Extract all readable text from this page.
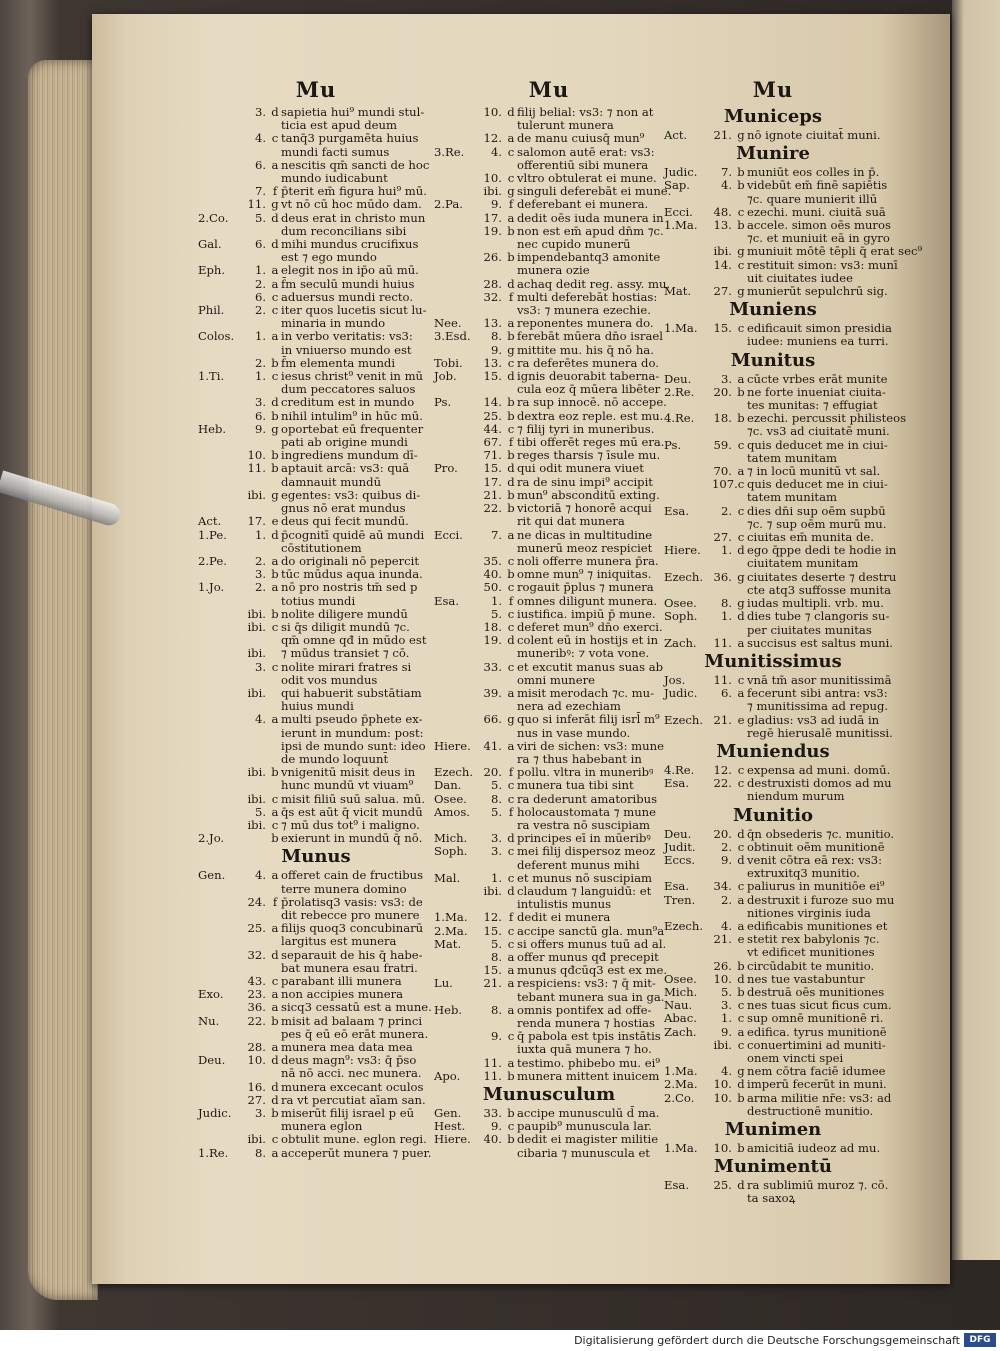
Mu
3. d sapietia hui⁹ mundi stul-
ticia est apud deum
4. c tanq̄3 purgamēta huius
mundi facti sumus
6. a nescitis qm̄ sancti de hoc
mundo iudicabunt
7. f p̄terit em̄ figura hui⁹ mū.
11. g vt nō cū hoc mūdo dam.
2.Co.	5. d deus erat in christo mun
dum reconcilians sibi
Gal.	6. d mihi mundus crucifixus
est ⁊ ego mundo
Eph.	1. a elegit nos in ip̄o aū mū.
2. a f̄m seculū mundi huius
6. c aduersus mundi recto.
Phil.	2. c iter quos lucetis sicut lu-
minaria in mundo
Colos.	1. a in verbo veritatis: vs3:
in vniuerso mundo est
2. b f̄m elementa mundi
1.Ti.	1. c iesus christ⁹ venit in mū
dum peccatores saluos
3. d creditum est in mundo
6. b nihil intulim⁹ in hūc mū.
Heb.	9. g oportebat eū frequenter
pati ab origine mundi
10. b ingrediens mundum dī-
11. b aptauit arcā: vs3: quā
damnauit mundū
ibi. g egentes: vs3: quibus di-
gnus nō erat mundus
Act.	17. e deus qui fecit mundū.
1.Pe.	1. d p̄cognitī quidē aū mundi
cōstitutionem
2.Pe.	2. a do originali nō pepercit
3. b tūc mūdus aqua inunda.
1.Jo.	2. a nō pro nostris tm̄ sed p
totius mundi
ibi. b nolite diligere mundū
ibi. c si q̄s diligit mundū ⁊c.
qm̄ omne qđ in mūdo est
ibi. ⁊ mūdus transiet ⁊ cō.
3. c nolite mirari fratres si
odit vos mundus
ibi. qui habuerit substātiam
huius mundi
4. a multi pseudo p̄phete ex-
ierunt in mundum: post:
ipsi de mundo sunt: ideo
de mundo loquunt̄
ibi. b vnigenitū misit deus in
hunc mundū vt viuam⁹
ibi. c misit filiū suū salua. mū.
5. a q̄s est aūt q̄ vicit mundū
ibi. c ⁊ mū dus tot⁹ i maligno.
2.Jo.	b exierunt in mundū q̄ nō.
Munus
Gen.	4. a offeret cain de fructibus
terre munera domino
24. f p̄rolatisq3 vasis: vs3: de
dit rebecce pro munere
25. a filijs quoq3 concubinarū
largitus est munera
32. d separauit de his q̄ habe-
bat munera esau fratri.
43. c parabant illi munera
Exo.	23. a non accipies munera
36. a sicq3 cessatū est a mune.
Nu.	22. b misit ad balaam ⁊ princi
pes q̄ eū eō erāt munera.
28. a munera mea data mea
Deu.	10. d deus magn⁹: vs3: q̄ p̄so
nā nō acci. nec munera.
16. d munera excecant oculos
27. d ra vt percutiat aīam san.
Judic.	3. b miserūt filij israel p eū
munera eglon
ibi. c obtulit mune. eglon regi.
1.Re.	8. a acceperūt munera ⁊ puer.
Mu
10. d filij belial: vs3: ⁊ non at
tulerunt munera
12. a de manu cuiusq̄ mun⁹
3.Re.	4. c salomon autē erat: vs3:
offerentiū sibi munera
10. c vltro obtulerat ei mune.
ibi. g singuli deferebāt ei mune.
2.Pa.	9. f deferebant ei munera.
17. a dedit oēs iuda munera in
19. b non est em̄ apud dn̄m ⁊c.
nec cupido munerū
26. b impendebantq3 amonite
munera ozie
28. d achaq dedit reg. assy. mu.
32. f multi deferebāt hostias:
vs3: ⁊ munera ezechie.
Nee.	13. a reponentes munera do.
3.Esd.	8. b ferebāt mūera dn̄o israel
9. g mittite mu. his q̄ nō ha.
Tobi.	13. c ra deferētes munera do.
Job.	15. d ignis deuorabit taberna-
cula eoz q̄ mūera libēter
Ps.	14. b ra sup innocē. nō accepe.
25. b dextra eoz reple. est mu.
44. c ⁊ filij tyri in muneribus.
67. f tibi offerēt reges mū era.
71. b reges tharsis ⁊ īsule mu.
Pro.	15. d qui odit munera viuet
17. d ra de sinu impi⁹ accipit
21. b mun⁹ absconditū exting.
22. b victoriā ⁊ honorē acqui
rit qui dat munera
Ecci.	7. a ne dicas in multitudine
munerū meoz respiciet
35. c noli offerre munera p̄ra.
40. b omne mun⁹ ⁊ iniquitas.
50. c rogauit p̄plus ⁊ munera
Esa.	1. f omnes diligunt munera.
5. c iustifica. impiū p̄ mune.
18. c deferet mun⁹ dn̄o exerci.
19. d colent eū in hostijs et in
muneribꝰ: ⁊ vota vone.
33. c et excutit manus suas ab
omni munere
39. a misit merodach ⁊c. mu-
nera ad ezechiam
66. g quo si inferāt filij isrl̄ m⁹
nus in vase mundo.
Hiere.	41. a viri de sichen: vs3: mune
ra ⁊ thus habebant in
Ezech. 20. f pollu. vltra in muneribꝰ
Dan.	5. c munera tua tibi sint
Osee.	8. c ra dederunt amatoribus
Amos.	5. f holocaustomata ⁊ mune
ra vestra nō suscipiam
Mich.	3. d principes eī in mūeribꝰ
Soph.	3. c mei filij dispersoz meoz
deferent munus mihi
Mal.	1. c et munus nō suscipiam
ibi. d claudum ⁊ languidū: et
intulistis munus
1.Ma.	12. f dedit ei munera
2.Ma.	15. c accipe sanctū gla. mun⁹a
Mat.	5. c si offers munus tuū ad al.
8. a offer munus qđ precepit
15. a munus qđcūq3 est ex me.
Lu.	21. a respiciens: vs3: ⁊ q̄ mit-
tebant munera sua in ga.
Heb.	8. a omnis pontifex ad offe-
renda munera ⁊ hostias
9. c q̄ pabola est tpis instātis
iuxta quā munera ⁊ ho.
11. a testimo. phibebo mu. ei⁹
Apo.	11. b munera mittent inuicem
Munusculum
Gen.	33. b accipe munusculū d̄ ma.
Hest.	9. c paupib⁹ munuscula lar.
Hiere.	40. b dedit ei magister militie
cibaria ⁊ munuscula et
Mu
Municeps
Act.	21. g nō ignote ciuitat̄ muni.
Munire
Judic.	7. b muniūt eos colles in p̄.
Sap.	4. b videbūt em̄ finē sapiētis
⁊c. quare munierit illū
Ecci.	48. c ezechi. muni. ciuitā suā
1.Ma.	13. b accele. simon oēs muros
⁊c. et muniuit eā in gyro
ibi. g muniuit mōtē tēpli q̄ erat sec⁹
14. c restituit simon: vs3: munī
uit ciuitates iudee
Mat.	27. g munierūt sepulchrū sig.
Muniens
1.Ma.	15. c edificauit simon presidia
iudee: muniens ea turri.
Munitus
Deu.	3. a cūcte vrbes erāt munite
2.Re.	20. b ne forte inueniat ciuita-
tes munitas: ⁊ effugiat
4.Re.	18. b ezechi. percussit philisteos
⁊c. vs3 ad ciuitatē muni.
Ps.	59. c quis deducet me in ciui-
tatem munitam
70. a ⁊ in locū munitū vt sal.
107. c quis deducet me in ciui-
tatem munitam
Esa.	2. c dies dn̄i sup oēm supbū
⁊c. ⁊ sup oēm murū mu.
27. c ciuitas em̄ munita de.
Hiere.	1. d ego q̄ppe dedi te hodie in
ciuitatem munitam
Ezech. 36. g ciuitates deserte ⁊ destru
cte atq3 suffosse munita
Osee.	8. g iudas multipli. vrb. mu.
Soph.	1. d dies tube ⁊ clangoris su-
per ciuitates munitas
Zach.	11. a succisus est saltus muni.
Munitissimus
Jos.	11. c vnā tm̄ asor munitissimā
Judic.	6. a fecerunt sibi antra: vs3:
⁊ munitissima ad repug.
Ezech. 21. e gladius: vs3 ad iudā in
regē hierusalē munitissi.
Muniendus
4.Re.	12. c expensa ad muni. domū.
Esa.	22. c destruxisti domos ad mu
niendum murum
Munitio
Deu.	20. d q̄n obsederis ⁊c. munitio.
Judit.	2. c obtinuit oēm munitionē
Eccs.	9. d venit cōtra eā rex: vs3:
extruxitq3 munitio.
Esa.	34. c paliurus in munitiōe ei⁹
Tren.	2. a destruxit i furoze suo mu
nitiones virginis iuda
Ezech.	4. a edificabis munitiones et
21. e stetit rex babylonis ⁊c.
vt edificet munitiones
26. b circūdabit te munitio.
Osee.	10. d nes tue vastabuntur
Mich.	5. b destruā oēs munitiones
Nau.	3. c nes tuas sicut ficus cum.
Abac.	1. c sup omnē munitionē ri.
Zach.	9. a edifica. tyrus munitionē
ibi. c conuertimini ad muniti-
onem vincti spei
1.Ma.	4. g nem cōtra faciē idumee
2.Ma.	10. d imperū fecerūt in muni.
2.Co.	10. b arma militie nr̄e: vs3: ad
destructionē munitio.
Munimen
1.Ma.	10. b amicitiā iudeoz ad mu.
Munimentū
Esa.	25. d ra sublimiū muroz ⁊. cō.
ta saxoꝝ
Digitalisierung gefördert durch die Deutsche Forschungsgemeinschaft	DFG
